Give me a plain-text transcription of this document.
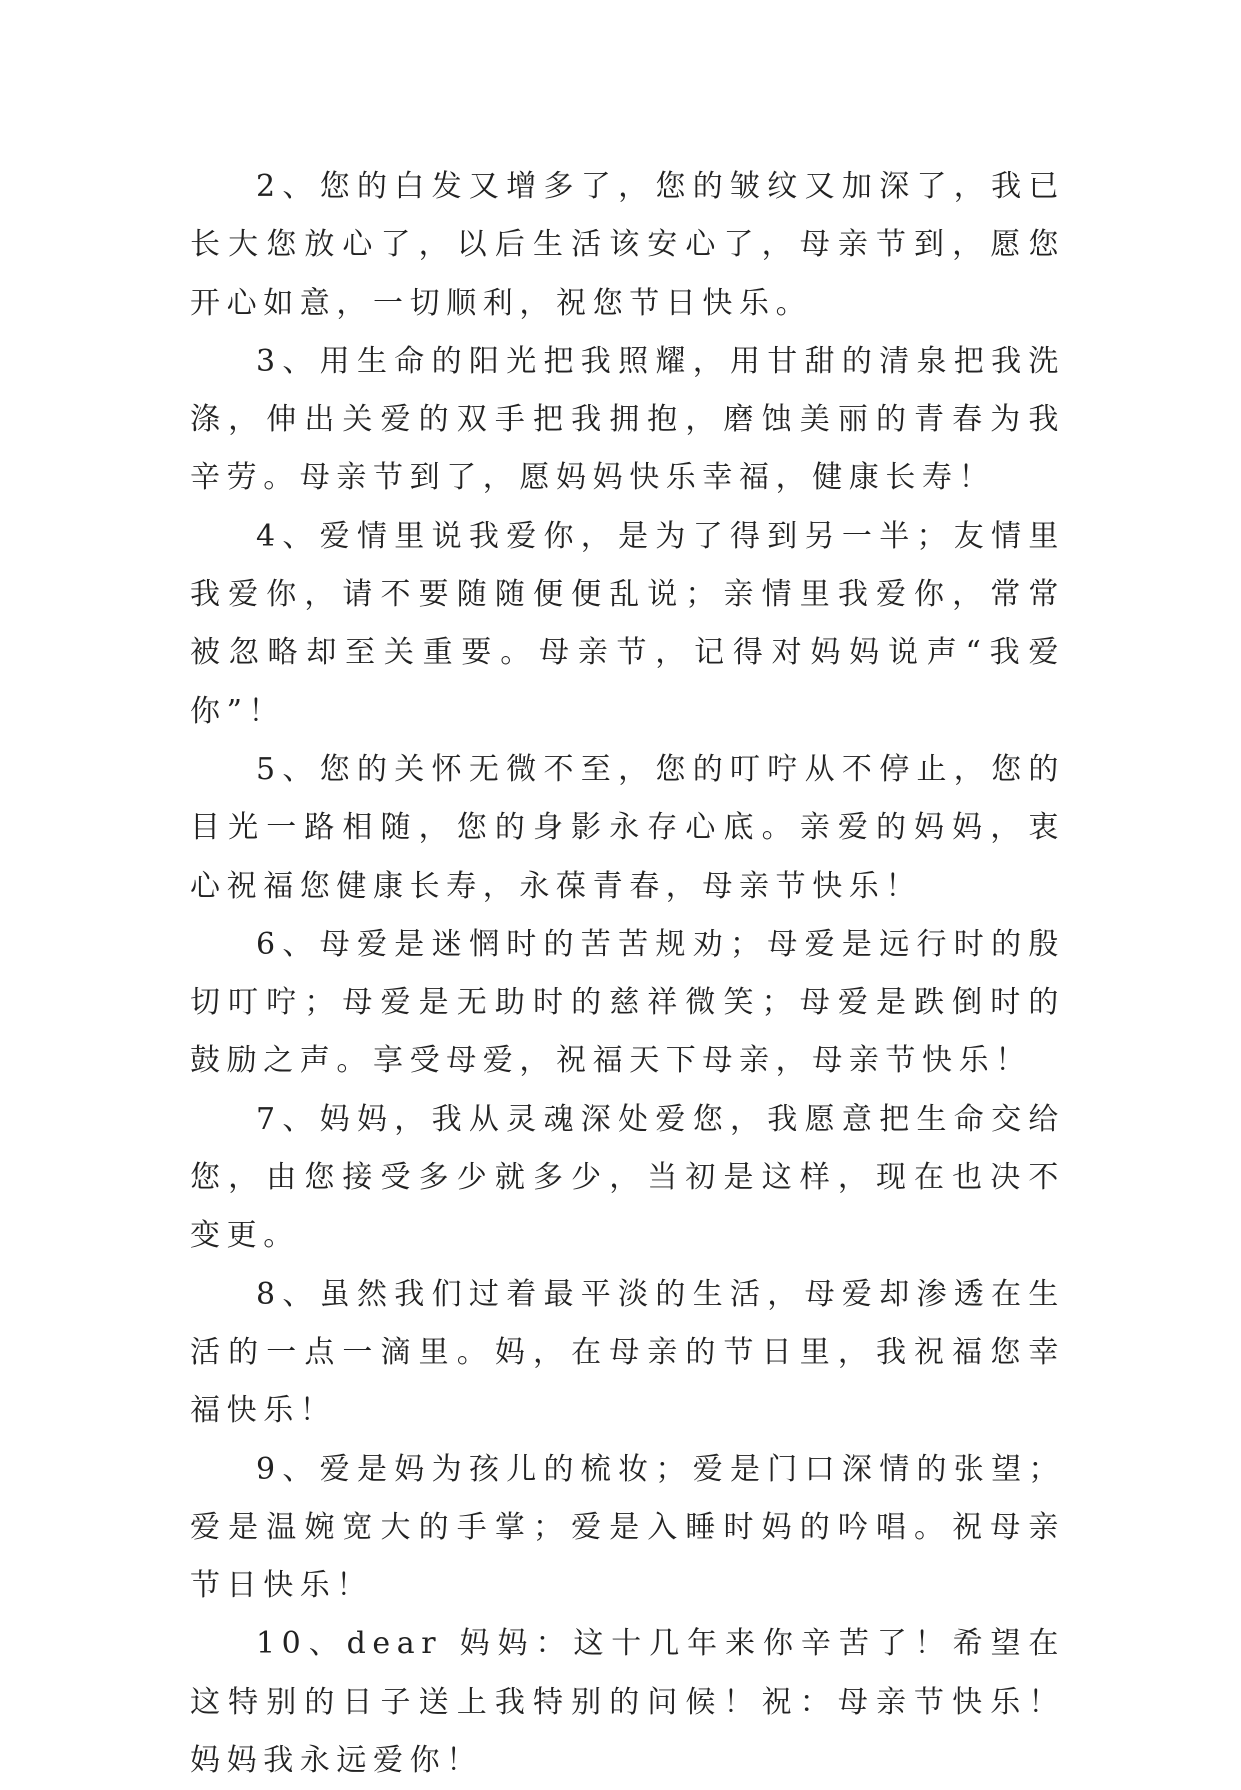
2、您的白发又增多了，您的皱纹又加深了，我已长大您放心了，以后生活该安心了，母亲节到，愿您开心如意，一切顺利，祝您节日快乐。

3、用生命的阳光把我照耀，用甘甜的清泉把我洗涤，伸出关爱的双手把我拥抱，磨蚀美丽的青春为我辛劳。母亲节到了，愿妈妈快乐幸福，健康长寿！

4、爱情里说我爱你，是为了得到另一半；友情里我爱你，请不要随随便便乱说；亲情里我爱你，常常被忽略却至关重要。母亲节，记得对妈妈说声“我爱你”！

5、您的关怀无微不至，您的叮咛从不停止，您的目光一路相随，您的身影永存心底。亲爱的妈妈，衷心祝福您健康长寿，永葆青春，母亲节快乐！

6、母爱是迷惘时的苦苦规劝；母爱是远行时的殷切叮咛；母爱是无助时的慈祥微笑；母爱是跌倒时的鼓励之声。享受母爱，祝福天下母亲，母亲节快乐！

7、妈妈，我从灵魂深处爱您，我愿意把生命交给您，由您接受多少就多少，当初是这样，现在也决不变更。

8、虽然我们过着最平淡的生活，母爱却渗透在生活的一点一滴里。妈，在母亲的节日里，我祝福您幸福快乐！

9、爱是妈为孩儿的梳妆；爱是门口深情的张望；爱是温婉宽大的手掌；爱是入睡时妈的吟唱。祝母亲节日快乐！

10、dear 妈妈：这十几年来你辛苦了！希望在这特别的日子送上我特别的问候！祝：母亲节快乐！妈妈我永远爱你！
